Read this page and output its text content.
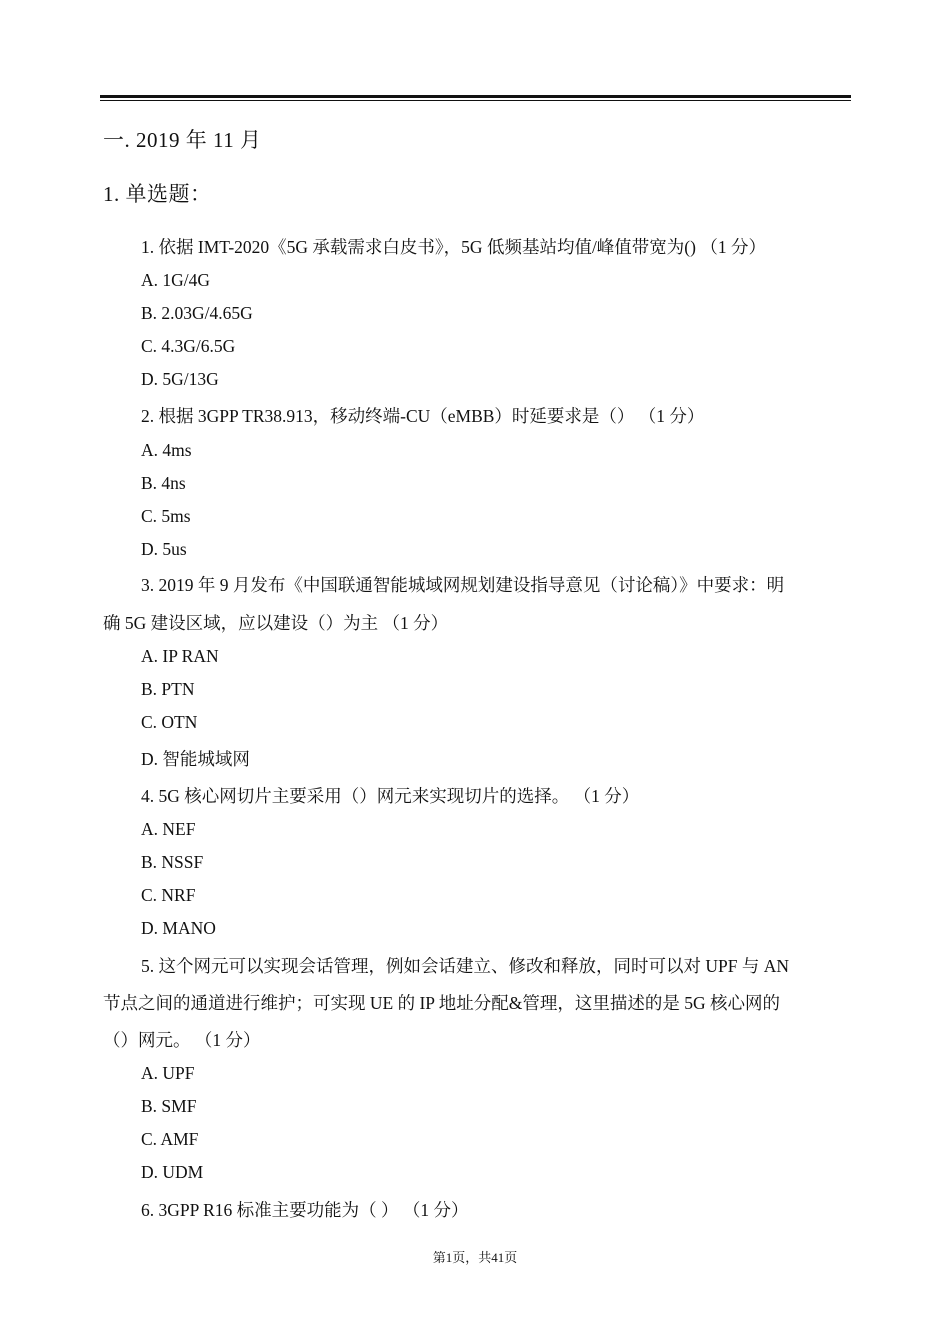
一. 2019 年 11 月
1. 单选题：
1. 依据 IMT-2020《5G 承载需求白皮书》，5G 低频基站均值/峰值带宽为() （1 分）
A. 1G/4G
B. 2.03G/4.65G
C. 4.3G/6.5G
D. 5G/13G
2. 根据 3GPP TR38.913，移动终端-CU（eMBB）时延要求是（） （1 分）
A. 4ms
B. 4ns
C. 5ms
D. 5us
3. 2019 年 9 月发布《中国联通智能城域网规划建设指导意见（讨论稿）》中要求：明
确 5G 建设区域，应以建设（）为主 （1 分）
A. IP RAN
B. PTN
C. OTN
D. 智能城域网
4. 5G 核心网切片主要采用（）网元来实现切片的选择。 （1 分）
A. NEF
B. NSSF
C. NRF
D. MANO
5. 这个网元可以实现会话管理，例如会话建立、修改和释放，同时可以对 UPF 与 AN
节点之间的通道进行维护；可实现 UE 的 IP 地址分配&管理，这里描述的是 5G 核心网的
（）网元。 （1 分）
A. UPF
B. SMF
C. AMF
D. UDM
6. 3GPP R16 标准主要功能为（ ） （1 分）
第1页，共41页
